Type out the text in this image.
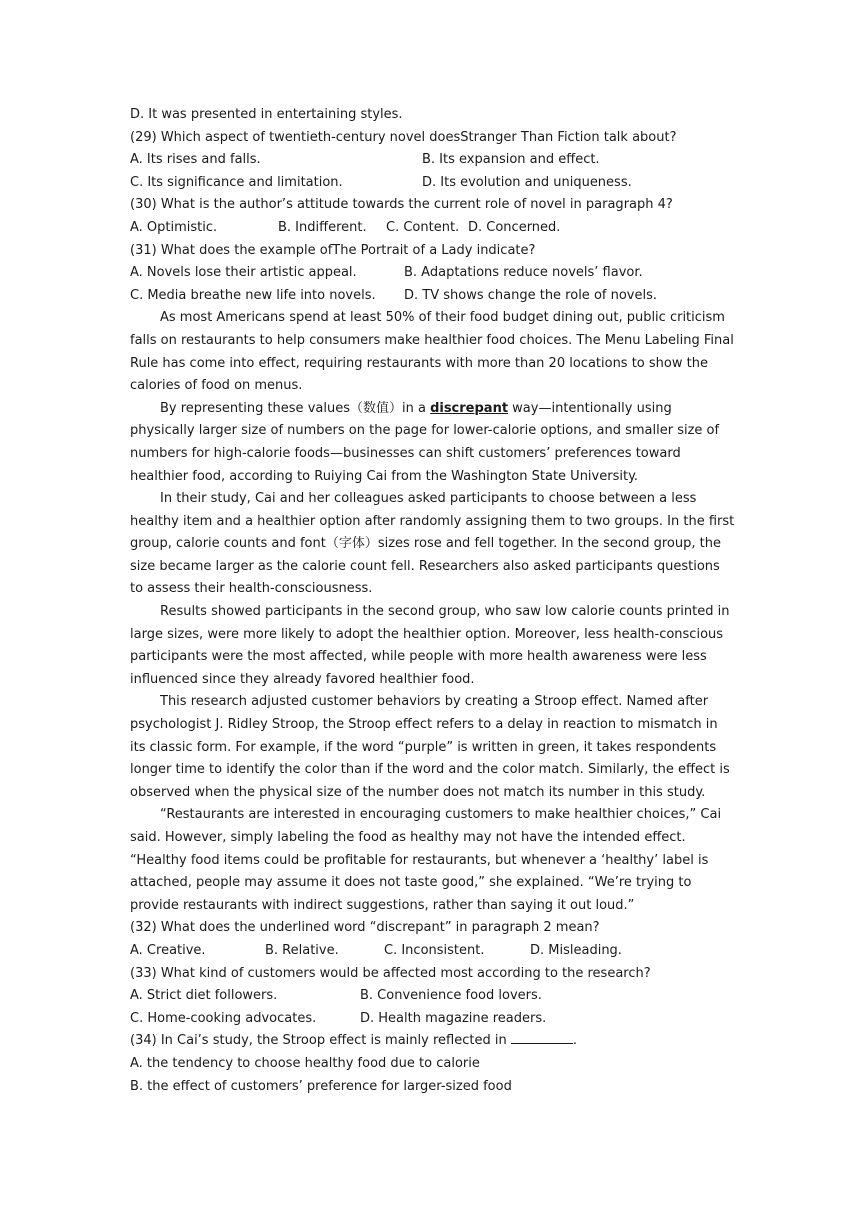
D. It was presented in entertaining styles.
(29) Which aspect of twentieth-century novel doesStranger Than Fiction talk about?
A. Its rises and falls.	B. Its expansion and effect.
C. Its significance and limitation.	D. Its evolution and uniqueness.
(30) What is the author’s attitude towards the current role of novel in paragraph 4?
A. Optimistic.	B. Indifferent. C. Content. D. Concerned.
(31) What does the example ofThe Portrait of a Lady indicate?
A. Novels lose their artistic appeal.	B. Adaptations reduce novels’ flavor.
C. Media breathe new life into novels. D. TV shows change the role of novels.

As most Americans spend at least 50% of their food budget dining out, public criticism falls on restaurants to help consumers make healthier food choices. The Menu Labeling Final Rule has come into effect, requiring restaurants with more than 20 locations to show the calories of food on menus.

By representing these values（数值）in a discrepant way—intentionally using physically larger size of numbers on the page for lower-calorie options, and smaller size of numbers for high-calorie foods—businesses can shift customers’ preferences toward healthier food, according to Ruiying Cai from the Washington State University.

In their study, Cai and her colleagues asked participants to choose between a less healthy item and a healthier option after randomly assigning them to two groups. In the first group, calorie counts and font（字体）sizes rose and fell together. In the second group, the size became larger as the calorie count fell. Researchers also asked participants questions to assess their health-consciousness.

Results showed participants in the second group, who saw low calorie counts printed in large sizes, were more likely to adopt the healthier option. Moreover, less health-conscious participants were the most affected, while people with more health awareness were less influenced since they already favored healthier food.

This research adjusted customer behaviors by creating a Stroop effect. Named after psychologist J. Ridley Stroop, the Stroop effect refers to a delay in reaction to mismatch in its classic form. For example, if the word “purple” is written in green, it takes respondents longer time to identify the color than if the word and the color match. Similarly, the effect is observed when the physical size of the number does not match its number in this study.

“Restaurants are interested in encouraging customers to make healthier choices,” Cai said. However, simply labeling the food as healthy may not have the intended effect. “Healthy food items could be profitable for restaurants, but whenever a ‘healthy’ label is attached, people may assume it does not taste good,” she explained. “We’re trying to provide restaurants with indirect suggestions, rather than saying it out loud.”

(32) What does the underlined word “discrepant” in paragraph 2 mean?
A. Creative.	B. Relative.	C. Inconsistent.	D. Misleading.
(33) What kind of customers would be affected most according to the research?
A. Strict diet followers.	B. Convenience food lovers.
C. Home-cooking advocates.	D. Health magazine readers.
(34) In Cai’s study, the Stroop effect is mainly reflected in	.
A. the tendency to choose healthy food due to calorie
B. the effect of customers’ preference for larger-sized food
